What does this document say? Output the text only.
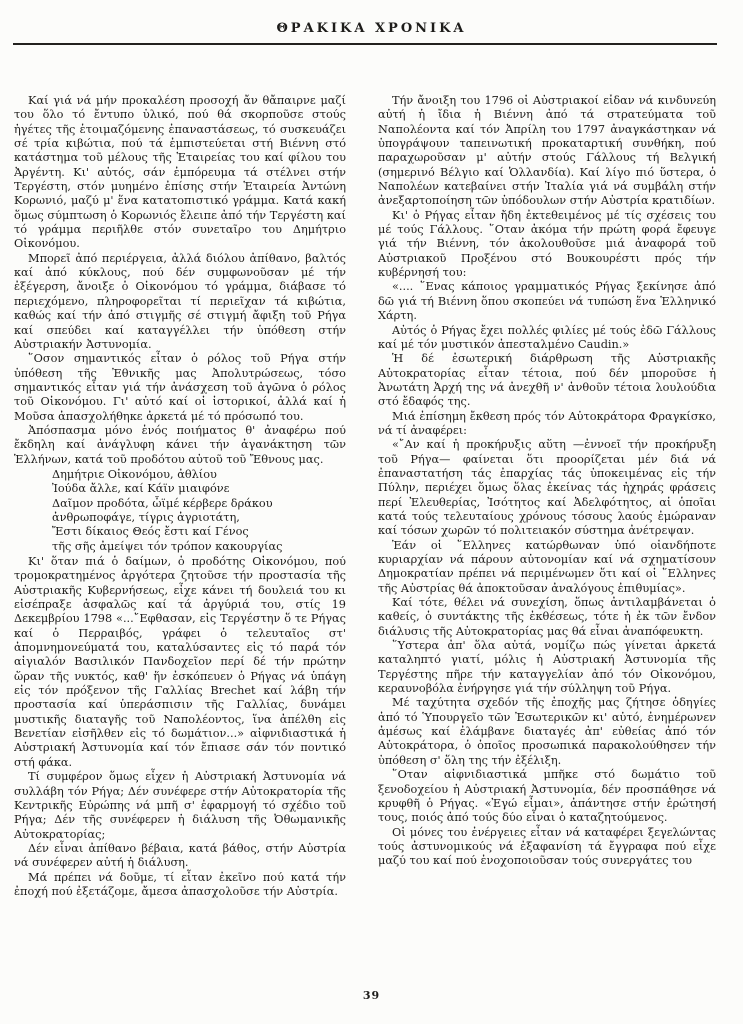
ΘΡΑΚΙΚΑ ΧΡΟΝΙΚΑ

Καί γιά νά μήν προκαλέση προσοχή ἄν θἄπαιρνε μαζί του ὅλο τό ἔντυπο ὑλικό, πού θά σκορποῦσε στούς ἡγέτες τῆς ἑτοιμαζόμενης ἐπαναστάσεως, τό συσκευάζει σέ τρία κιβώτια, πού τά ἐμπιστεύεται στή Βιέννη στό κατάστημα τοῦ μέλους τῆς Ἑταιρείας του καί φίλου του Ἀργέντη. Κι' αὐτός, σάν ἐμπόρευμα τά στέλνει στήν Τεργέστη, στόν μυημένο ἐπίσης στήν Ἑταιρεία Ἀντώνη Κορωνιό, μαζύ μ' ἕνα κατατοπιστικό γράμμα. Κατά κακή ὅμως σύμπτωση ὁ Κορωνιός ἔλειπε ἀπό τήν Τεργέστη καί τό γράμμα περιῆλθε στόν συνεταῖρο του Δημήτριο Οἰκονόμου.

Μπορεῖ ἀπό περιέργεια, ἀλλά διόλου ἀπίθανο, βαλτός καί ἀπό κύκλους, πού δέν συμφωνοῦσαν μέ τήν ἐξέγερση, ἄνοιξε ὁ Οἰκονόμου τό γράμμα, διάβασε τό περιεχόμενο, πληροφορεῖται τί περιεῖχαν τά κιβώτια, καθώς καί τήν ἀπό στιγμῆς σέ στιγμή ἄφιξη τοῦ Ρήγα καί σπεύδει καί καταγγέλλει τήν ὑπόθεση στήν Αὐστριακήν Ἀστυνομία.

῞Οσον σημαντικός εἶταν ὁ ρόλος τοῦ Ρήγα στήν ὑπόθεση τῆς Ἐθνικῆς μας Ἀπολυτρώσεως, τόσο σημαντικός εἶταν γιά τήν ἀνάσχεση τοῦ ἀγῶνα ὁ ρόλος τοῦ Οἰκονόμου. Γι' αὐτό καί οἱ ἱστορικοί, ἀλλά καί ἡ Μοῦσα ἀπασχολήθηκε ἀρκετά μέ τό πρόσωπό του.

Ἀπόσπασμα μόνο ἑνός ποιήματος θ' ἀναφέρω πού ἔκδηλη καί ἀνάγλυφη κάνει τήν ἀγανάκτηση τῶν Ἑλλήνων, κατά τοῦ προδότου αὐτοῦ τοῦ Ἔθνους μας.

Δημήτριε Οἰκονόμου, ἀθλίου
Ἰούδα ἄλλε, καί Κάϊν μιαιφόνε
Δαῖμον προδότα, ὦϊμέ κέρβερε δράκου
ἀνθρωποφάγε, τίγρις ἀγριοτάτη,
Ἔστι δίκαιος Θεός ἔστι καί Γένος
τῆς σῆς ἀμείψει τόν τρόπον κακουργίας

Κι' ὅταν πιά ὁ δαίμων, ὁ προδότης Οἰκονόμου, πού τρομοκρατημένος ἀργότερα ζητοῦσε τήν προστασία τῆς Αὐστριακῆς Κυβερνήσεως, εἶχε κάνει τή δουλειά του κι εἰσέπραξε ἀσφαλῶς καί τά ἀργύριά του, στίς 19 Δεκεμβρίου 1798 «...῎Εφθασαν, εἰς Τεργέστην ὅ τε Ρήγας καί ὁ Περραιβός, γράφει ὁ τελευταῖος στ' ἀπομνημονεύματά του, καταλύσαντες εἰς τό παρά τόν αἰγιαλόν Βασιλικόν Πανδοχεῖον περί δέ τήν πρώτην ὥραν τῆς νυκτός, καθ' ἥν ἐσκόπευεν ὁ Ρήγας νά ὑπάγη εἰς τόν πρόξενον τῆς Γαλλίας Brechet καί λάβη τήν προστασία καί ὑπεράσπισιν τῆς Γαλλίας, δυνάμει μυστικῆς διαταγῆς τοῦ Ναπολέοντος, ἵνα ἀπέλθη εἰς Βενετίαν εἰσῆλθεν εἰς τό δωμάτιον...» αἰφνιδιαστικά ἡ Αὐστριακή Ἀστυνομία καί τόν ἔπιασε σάν τόν ποντικό στή φάκα.

Τί συμφέρον ὅμως εἶχεν ἡ Αὐστριακή Ἀστυνομία νά συλλάβη τόν Ρήγα; Δέν συνέφερε στήν Αὐτοκρατορία τῆς Κεντρικῆς Εὐρώπης νά μπῆ σ' ἐφαρμογή τό σχέδιο τοῦ Ρήγα; Δέν τῆς συνέφερεν ἡ διάλυση τῆς Ὀθωμανικῆς Αὐτοκρατορίας;

Δέν εἶναι ἀπίθανο βέβαια, κατά βάθος, στήν Αὐστρία νά συνέφερεν αὐτή ἡ διάλυση.

Μά πρέπει νά δοῦμε, τί εἶταν ἐκεῖνο πού κατά τήν ἐποχή πού ἐξετάζομε, ἄμεσα ἀπασχολοῦσε τήν Αὐστρία.

Τήν ἄνοιξη του 1796 οἱ Αὐστριακοί εἶδαν νά κινδυνεύη αὐτή ἡ ἴδια ἡ Βιέννη ἀπό τά στρατεύματα τοῦ Ναπολέοντα καί τόν Ἀπρίλη του 1797 ἀναγκάστηκαν νά ὑπογράψουν ταπεινωτική προκαταρτική συνθήκη, πού παραχωροῦσαν μ' αὐτήν στούς Γάλλους τή Βελγική (σημερινό Βέλγιο καί Ὁλλανδία). Καί λίγο πιό ὕστερα, ὁ Ναπολέων κατεβαίνει στήν Ἰταλία γιά νά συμβάλη στήν ἀνεξαρτοποίηση τῶν ὑπόδουλων στήν Αὐστρία κρατιδίων.

Κι' ὁ Ρήγας εἶταν ἤδη ἐκτεθειμένος μέ τίς σχέσεις του μέ τούς Γάλλους. ῞Οταν ἀκόμα τήν πρώτη φορά ἔφευγε γιά τήν Βιέννη, τόν ἀκολουθοῦσε μιά ἀναφορά τοῦ Αὐστριακοῦ Προξένου στό Βουκουρέστι πρός τήν κυβέρνησή του:

«.... ῞Ενας κάποιος γραμματικός Ρήγας ξεκίνησε ἀπό δῶ γιά τή Βιέννη ὅπου σκοπεύει νά τυπώση ἕνα Ἑλληνικό Χάρτη.

Αὐτός ὁ Ρήγας ἔχει πολλές φιλίες μέ τούς ἐδῶ Γάλλους καί μέ τόν μυστικόν ἀπεσταλμένο Caudin.»

Ἡ δέ ἐσωτερική διάρθρωση τῆς Αὐστριακῆς Αὐτοκρατορίας εἶταν τέτοια, πού δέν μποροῦσε ἡ Ἀνωτάτη Ἀρχή της νά ἀνεχθῆ ν' ἀνθοῦν τέτοια λουλούδια στό ἔδαφός της.

Μιά ἐπίσημη ἔκθεση πρός τόν Αὐτοκράτορα Φραγκίσκο, νά τί ἀναφέρει:

«῎Αν καί ἡ προκήρυξις αὕτη —ἐννοεῖ τήν προκήρυξη τοῦ Ρήγα— φαίνεται ὅτι προορίζεται μέν διά νά ἐπαναστατήση τάς ἐπαρχίας τάς ὑποκειμένας εἰς τήν Πύλην, περιέχει ὅμως ὅλας ἐκείνας τάς ἠχηράς φράσεις περί Ἐλευθερίας, Ἰσότητος καί Ἀδελφότητος, αἱ ὁποῖαι κατά τούς τελευταίους χρόνους τόσους λαούς ἐμώραναν καί τόσων χωρῶν τό πολιτειακόν σύστημα ἀνέτρεψαν.

Ἐάν οἱ ῞Ελληνες κατώρθωναν ὑπό οἱανδήποτε κυριαρχίαν νά πάρουν αὐτονομίαν καί νά σχηματίσουν Δημοκρατίαν πρέπει νά περιμένωμεν ὅτι καί οἱ ῞Ελληνες τῆς Αὐστρίας θά ἀποκτοῦσαν ἀναλόγους ἐπιθυμίας».

Καί τότε, θέλει νά συνεχίση, ὅπως ἀντιλαμβάνεται ὁ καθείς, ὁ συντάκτης τῆς ἐκθέσεως, τότε ἡ ἐκ τῶν ἔνδον διάλυσις τῆς Αὐτοκρατορίας μας θά εἶναι ἀναπόφευκτη.

῞Υστερα ἀπ' ὅλα αὐτά, νομίζω πώς γίνεται ἀρκετά καταληπτό γιατί, μόλις ἡ Αὐστριακή Ἀστυνομία τῆς Τεργέστης πῆρε τήν καταγγελίαν ἀπό τόν Οἰκονόμου, κεραυνοβόλα ἐνήργησε γιά τήν σύλληψη τοῦ Ρήγα.

Μέ ταχύτητα σχεδόν τῆς ἐποχῆς μας ζήτησε ὁδηγίες ἀπό τό Ὑπουργεῖο τῶν Ἐσωτερικῶν κι' αὐτό, ἐνημέρωνεν ἀμέσως καί ἐλάμβανε διαταγές ἀπ' εὐθείας ἀπό τόν Αὐτοκράτορα, ὁ ὁποῖος προσωπικά παρακολούθησεν τήν ὑπόθεση σ' ὅλη της τήν ἐξέλιξη.

῞Οταν αἰφνιδιαστικά μπῆκε στό δωμάτιο τοῦ ξενοδοχείου ἡ Αὐστριακή Ἀστυνομία, δέν προσπάθησε νά κρυφθῆ ὁ Ρήγας. «Ἐγώ εἶμαι», ἀπάντησε στήν ἐρώτησή τους, ποιός ἀπό τούς δύο εἶναι ὁ καταζητούμενος.

Οἱ μόνες του ἐνέργειες εἶταν νά καταφέρει ξεγελώντας τούς ἀστυνομικούς νά ἐξαφανίση τά ἔγγραφα πού εἶχε μαζύ του καί πού ἐνοχοποιοῦσαν τούς συνεργάτες του

39
